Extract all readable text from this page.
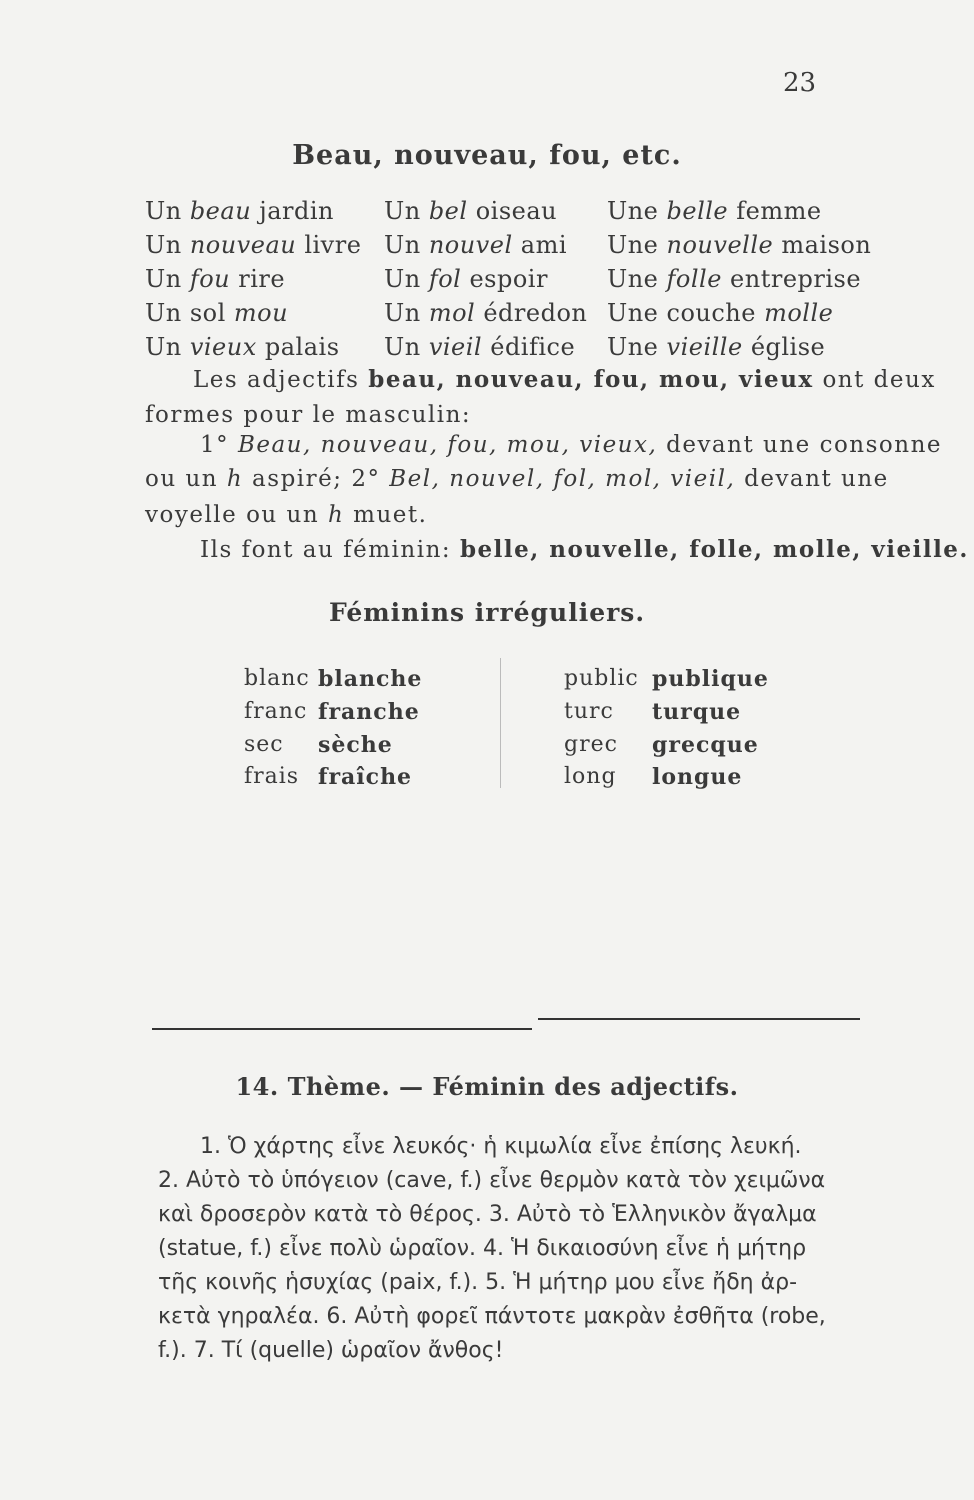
23
Beau, nouveau, fou, etc.
Un beau jardin Un bel oiseau Une belle femme
Un nouveau livre Un nouvel ami Une nouvelle maison
Un fou rire	Un fol espoir Une folle entreprise
Un sol mou	Un mol édredon Une couche molle
Un vieux palais Un vieil édifice Une vieille église
Les adjectifs beau, nouveau, fou, mou, vieux ont deux
formes pour le masculin:
1° Beau, nouveau, fou, mou, vieux, devant une consonne
ou un h aspiré; 2° Bel, nouvel, fol, mol, vieil, devant une
voyelle ou un h muet.
Ils font au féminin: belle, nouvelle, folle, molle, vieille.
Féminins irréguliers.
blanc blanche
franc franche
sec sèche
frais fraîche
public publique
turc turque
grec grecque
long longue
14. Thème. — Féminin des adjectifs.
1. Ὁ χάρτης εἶνε λευκός· ἡ κιμωλία εἶνε ἐπίσης λευκή.
2. Αὐτὸ τὸ ὑπόγειον (cave, f.) εἶνε θερμὸν κατὰ τὸν χειμῶνα
καὶ δροσερὸν κατὰ τὸ θέρος. 3. Αὐτὸ τὸ Ἑλληνικὸν ἄγαλμα
(statue, f.) εἶνε πολὺ ὡραῖον. 4. Ἡ δικαιοσύνη εἶνε ἡ μήτηρ
τῆς κοινῆς ἡσυχίας (paix, f.). 5. Ἡ μήτηρ μου εἶνε ἤδη ἀρ-
κετὰ γηραλέα. 6. Αὐτὴ φορεῖ πάντοτε μακρὰν ἐσθῆτα (robe,
f.). 7. Τί (quelle) ὡραῖον ἄνθος!
